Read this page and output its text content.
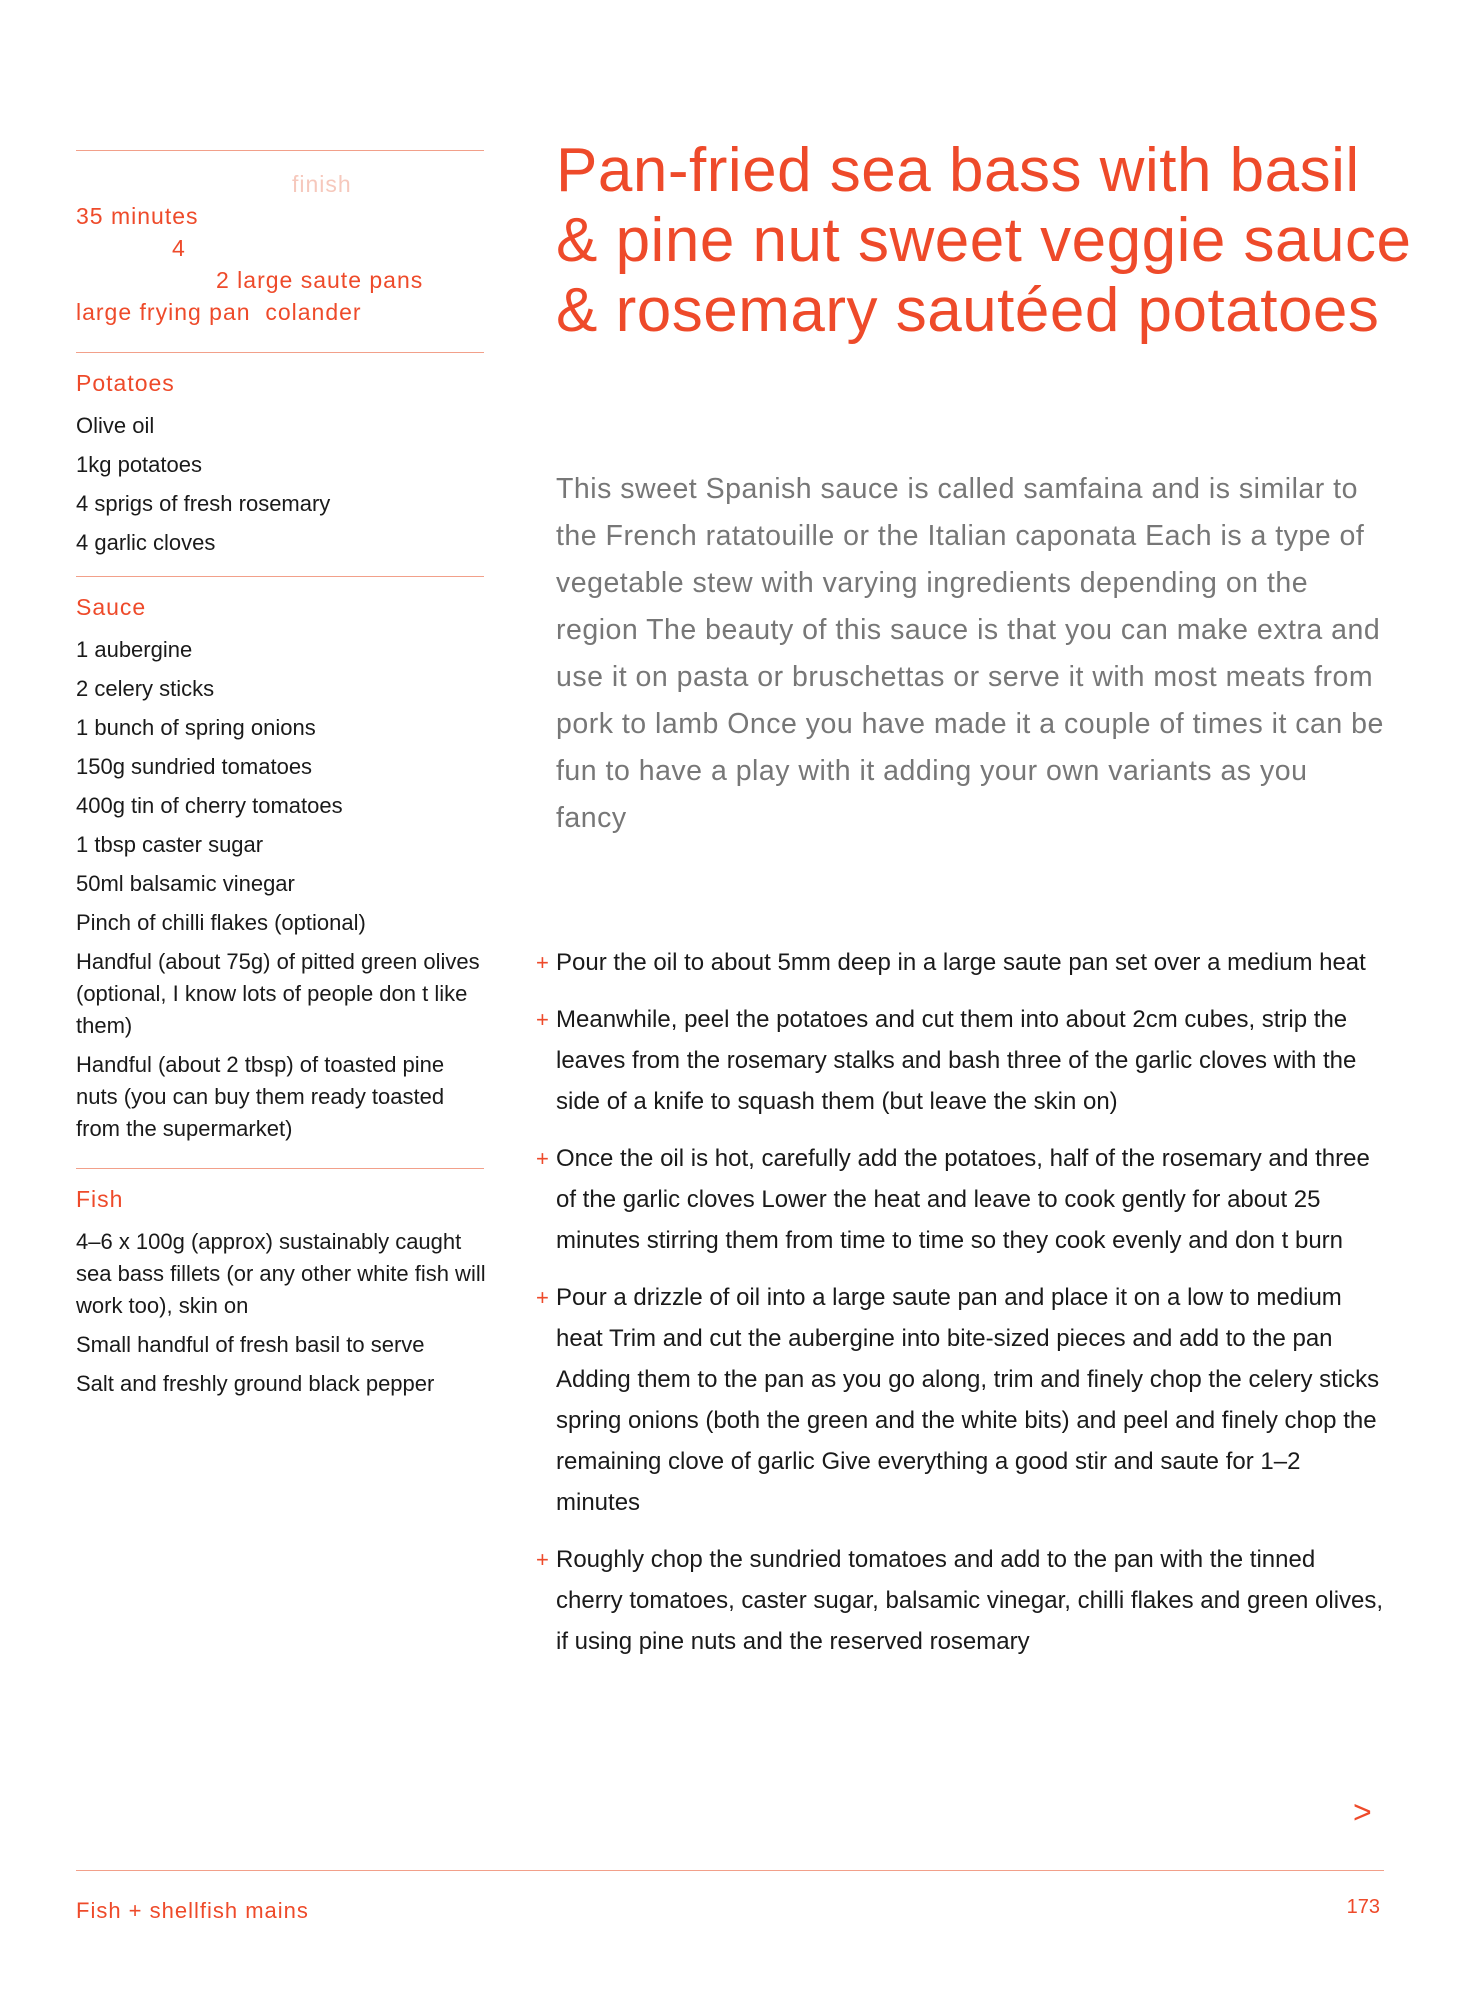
finish
35 minutes
4
2 large saute pans
large frying pan colander
Potatoes
Olive oil
1kg potatoes
4 sprigs of fresh rosemary
4 garlic cloves
Sauce
1 aubergine
2 celery sticks
1 bunch of spring onions
150g sundried tomatoes
400g tin of cherry tomatoes
1 tbsp caster sugar
50ml balsamic vinegar
Pinch of chilli flakes (optional)
Handful (about 75g) of pitted green olives (optional, I know lots of people don t like them)
Handful (about 2 tbsp) of toasted pine nuts (you can buy them ready toasted from the supermarket)
Fish
4–6 x 100g (approx) sustainably caught sea bass fillets (or any other white fish will work too), skin on
Small handful of fresh basil to serve
Salt and freshly ground black pepper
Pan-fried sea bass with basil & pine nut sweet veggie sauce & rosemary sautéed potatoes
This sweet Spanish sauce is called samfaina and is similar to the French ratatouille or the Italian caponata Each is a type of vegetable stew with varying ingredients depending on the region The beauty of this sauce is that you can make extra and use it on pasta or bruschettas or serve it with most meats from pork to lamb Once you have made it a couple of times it can be fun to have a play with it adding your own variants as you fancy
+ Pour the oil to about 5mm deep in a large saute pan set over a medium heat
+ Meanwhile, peel the potatoes and cut them into about 2cm cubes, strip the leaves from the rosemary stalks and bash three of the garlic cloves with the side of a knife to squash them (but leave the skin on)
+ Once the oil is hot, carefully add the potatoes, half of the rosemary and three of the garlic cloves Lower the heat and leave to cook gently for about 25 minutes stirring them from time to time so they cook evenly and don t burn
+ Pour a drizzle of oil into a large saute pan and place it on a low to medium heat Trim and cut the aubergine into bite-sized pieces and add to the pan Adding them to the pan as you go along, trim and finely chop the celery sticks spring onions (both the green and the white bits) and peel and finely chop the remaining clove of garlic Give everything a good stir and saute for 1–2 minutes
+ Roughly chop the sundried tomatoes and add to the pan with the tinned cherry tomatoes, caster sugar, balsamic vinegar, chilli flakes and green olives, if using pine nuts and the reserved rosemary
>
Fish + shellfish mains	173
